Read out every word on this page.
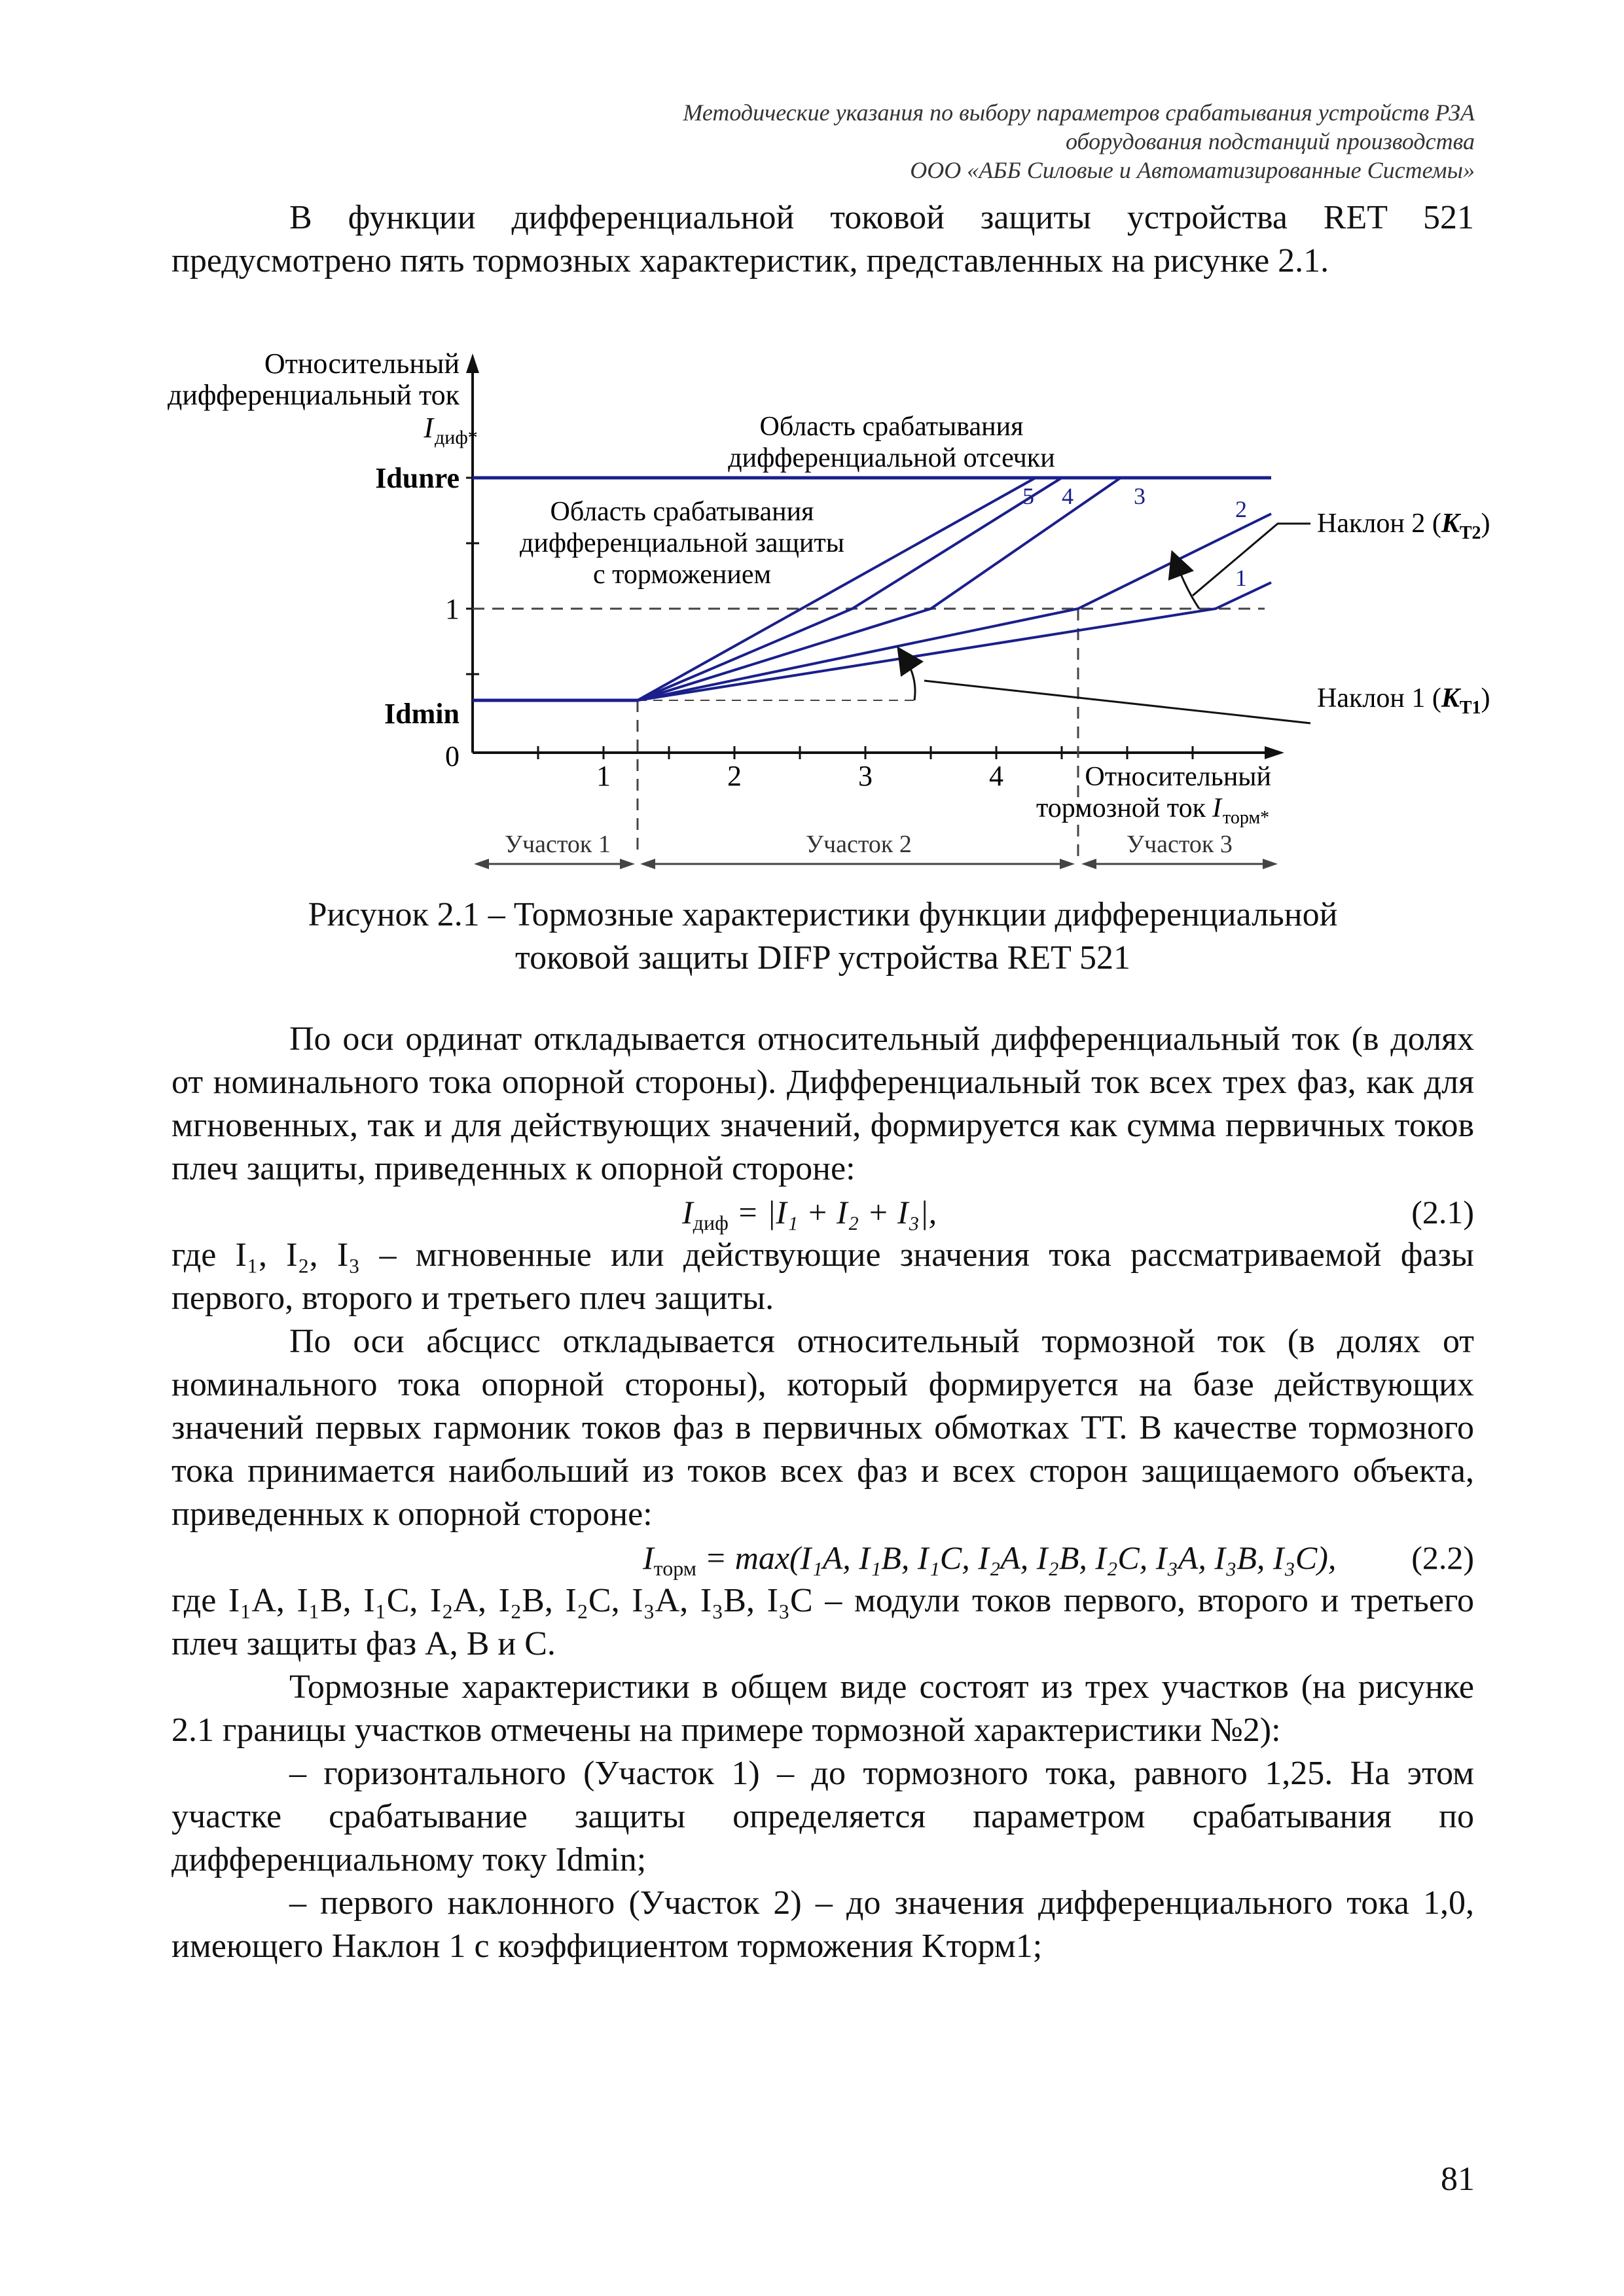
Методические указания по выбору параметров срабатывания устройств РЗА
оборудования подстанций производства
ООО «АББ Силовые и Автоматизированные Системы»
В функции дифференциальной токовой защиты устройства RET 521 предусмотрено пять тормозных характеристик, представленных на рисунке 2.1.
Относительный
дифференциальный ток
I диф*
Idunre
1
Idmin
0
1	2	3	4	Относительный
тормозной ток I торм*
Область срабатывания
дифференциальной отсечки
Область срабатывания
дифференциальной защиты
с торможением
5 4	3	2
1
Наклон 2 $(K_{T2})$
Наклон 1 $(K_{T1})$
Участок 1	Участок 2	Участок 3
Рисунок 2.1 – Тормозные характеристики функции дифференциальной
токовой защиты DIFP устройства RET 521

По оси ординат откладывается относительный дифференциальный ток (в долях от номинального тока опорной стороны). Дифференциальный ток всех трех фаз, как для мгновенных, так и для действующих значений, формируется как сумма первичных токов плеч защиты, приведенных к опорной стороне:

$I_{диф} = |I_1 + I_2 + I_3|$,	(2.1)

где I₁, I₂, I₃ – мгновенные или действующие значения тока рассматриваемой фазы первого, второго и третьего плеч защиты.

По оси абсцисс откладывается относительный тормозной ток (в долях от номинального тока опорной стороны), который формируется на базе действующих значений первых гармоник токов фаз в первичных обмотках ТТ. В качестве тормозного тока принимается наибольший из токов всех фаз и всех сторон защищаемого объекта, приведенных к опорной стороне:

$I_{торм} = \max(I_1A$, I₁B, I₁C, I₂A, I₂B, I₂C, I₃A, I₃B, I₃C), (2.2)

где I₁A, I₁B, I₁C, I₂A, I₂B, I₂C, I₃A, I₃B, I₃C – модули токов первого, второго и третьего плеч защиты фаз А, В и С.

Тормозные характеристики в общем виде состоят из трех участков (на рисунке 2.1 границы участков отмечены на примере тормозной характеристики №2):

– горизонтального (Участок 1) – до тормозного тока, равного 1,25. На этом участке срабатывание защиты определяется параметром срабатывания по дифференциальному току Idmin;

– первого наклонного (Участок 2) – до значения дифференциального тока 1,0, имеющего Наклон 1 с коэффициентом торможения Kторм1;

81
